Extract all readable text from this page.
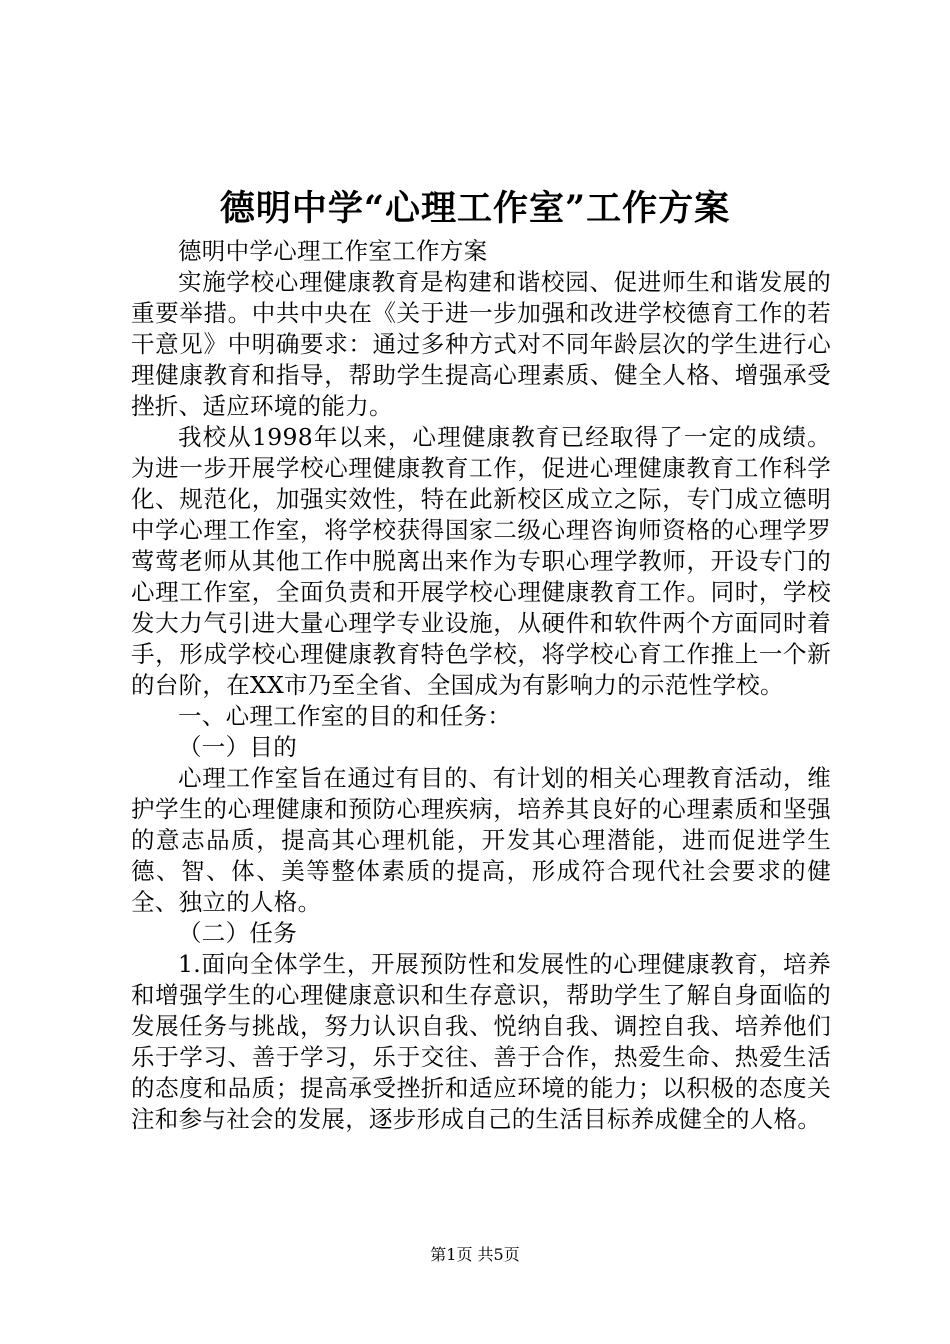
德明中学“心理工作室”工作方案

德明中学心理工作室工作方案

实施学校心理健康教育是构建和谐校园、促进师生和谐发展的重要举措。中共中央在《关于进一步加强和改进学校德育工作的若干意见》中明确要求：通过多种方式对不同年龄层次的学生进行心理健康教育和指导，帮助学生提高心理素质、健全人格、增强承受挫折、适应环境的能力。

我校从1998年以来，心理健康教育已经取得了一定的成绩。为进一步开展学校心理健康教育工作，促进心理健康教育工作科学化、规范化，加强实效性，特在此新校区成立之际，专门成立德明中学心理工作室，将学校获得国家二级心理咨询师资格的心理学罗莺莺老师从其他工作中脱离出来作为专职心理学教师，开设专门的心理工作室，全面负责和开展学校心理健康教育工作。同时，学校发大力气引进大量心理学专业设施，从硬件和软件两个方面同时着手，形成学校心理健康教育特色学校，将学校心育工作推上一个新的台阶，在XX市乃至全省、全国成为有影响力的示范性学校。

一、心理工作室的目的和任务：

（一）目的

心理工作室旨在通过有目的、有计划的相关心理教育活动，维护学生的心理健康和预防心理疾病，培养其良好的心理素质和坚强的意志品质，提高其心理机能，开发其心理潜能，进而促进学生德、智、体、美等整体素质的提高，形成符合现代社会要求的健全、独立的人格。

（二）任务

1.面向全体学生，开展预防性和发展性的心理健康教育，培养和增强学生的心理健康意识和生存意识，帮助学生了解自身面临的发展任务与挑战，努力认识自我、悦纳自我、调控自我、培养他们乐于学习、善于学习，乐于交往、善于合作，热爱生命、热爱生活的态度和品质；提高承受挫折和适应环境的能力；以积极的态度关注和参与社会的发展，逐步形成自己的生活目标养成健全的人格。

第1页 共5页
